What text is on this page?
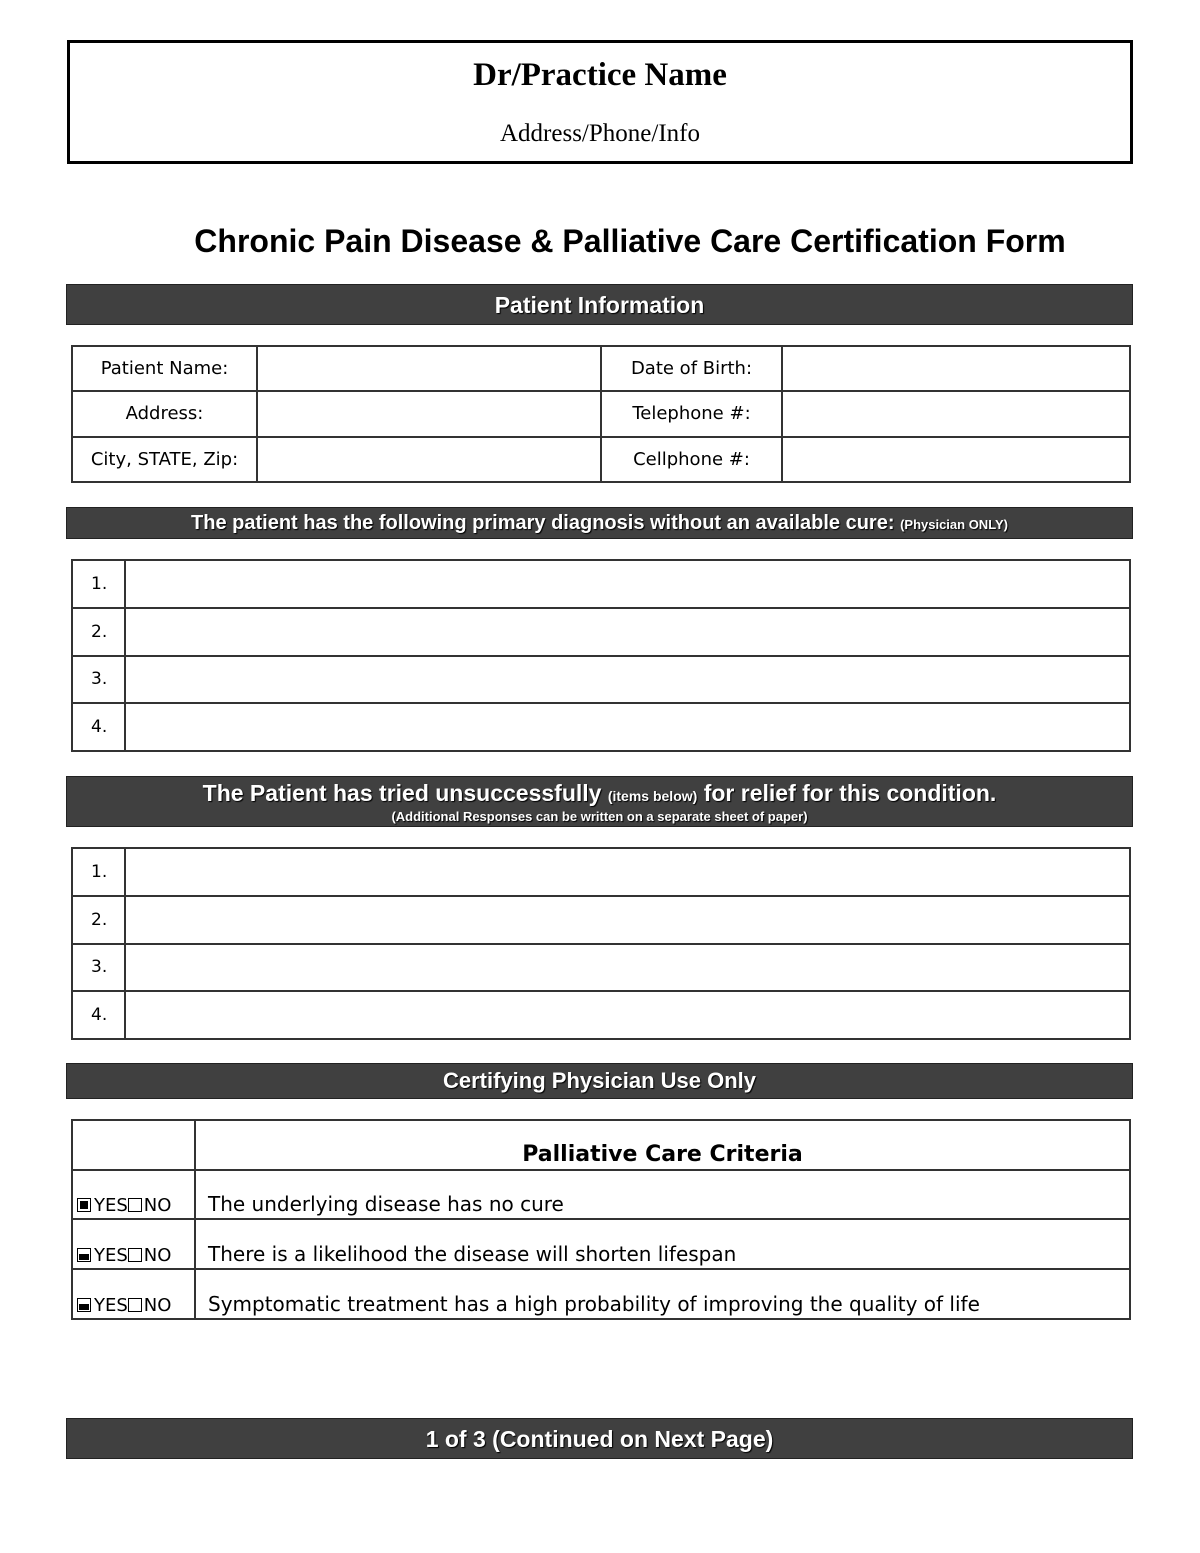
Dr/Practice Name
Address/Phone/Info
Chronic Pain Disease & Palliative Care Certification Form
Patient Information
Patient Name:		Date of Birth:	
Address:		Telephone #:	
City, STATE, Zip:		Cellphone #:	
The patient has the following primary diagnosis without an available cure: (Physician ONLY)
1.	
2.	
3.	
4.	
The Patient has tried unsuccessfully (items below) for relief for this condition.
(Additional Responses can be written on a separate sheet of paper)
1.	
2.	
3.	
4.	
Certifying Physician Use Only
	Palliative Care Criteria
YES NO	The underlying disease has no cure
YES NO	There is a likelihood the disease will shorten lifespan
YES NO	Symptomatic treatment has a high probability of improving the quality of life
1 of 3 (Continued on Next Page)
